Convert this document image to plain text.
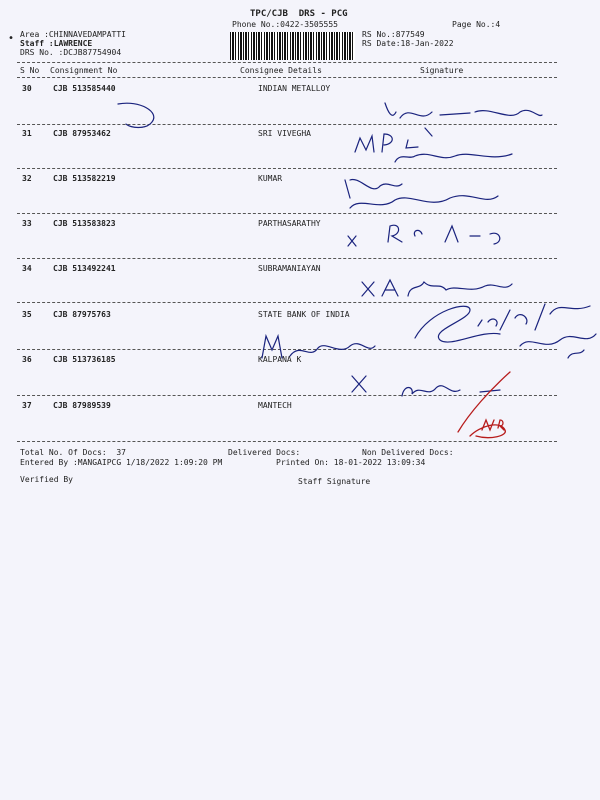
TPC/CJB  DRS - PCG
Phone No.:0422-3505555	Page No.:4
• Area :CHINNAVEDAMPATTI
Staff :LAWRENCE
DRS No. :DCJB87754904
RS No.:877549
RS Date:18-Jan-2022
S No Consignment No	Consignee Details	Signature
30	CJB 513585440	INDIAN METALLOY
31	CJB 87953462	SRI VIVEGHA
32	CJB 513582219	KUMAR
33	CJB 513583823	PARTHASARATHY
34	CJB 513492241	SUBRAMANIAYAN
35	CJB 87975763	STATE BANK OF INDIA
36	CJB 513736185	KALPANA K
37	CJB 87989539	MANTECH
Total No. Of Docs:  37	Delivered Docs:	Non Delivered Docs:
Entered By :MANGAIPCG 1/18/2022 1:09:20 PM	Printed On: 18-01-2022 13:09:34
Verified By	Staff Signature
